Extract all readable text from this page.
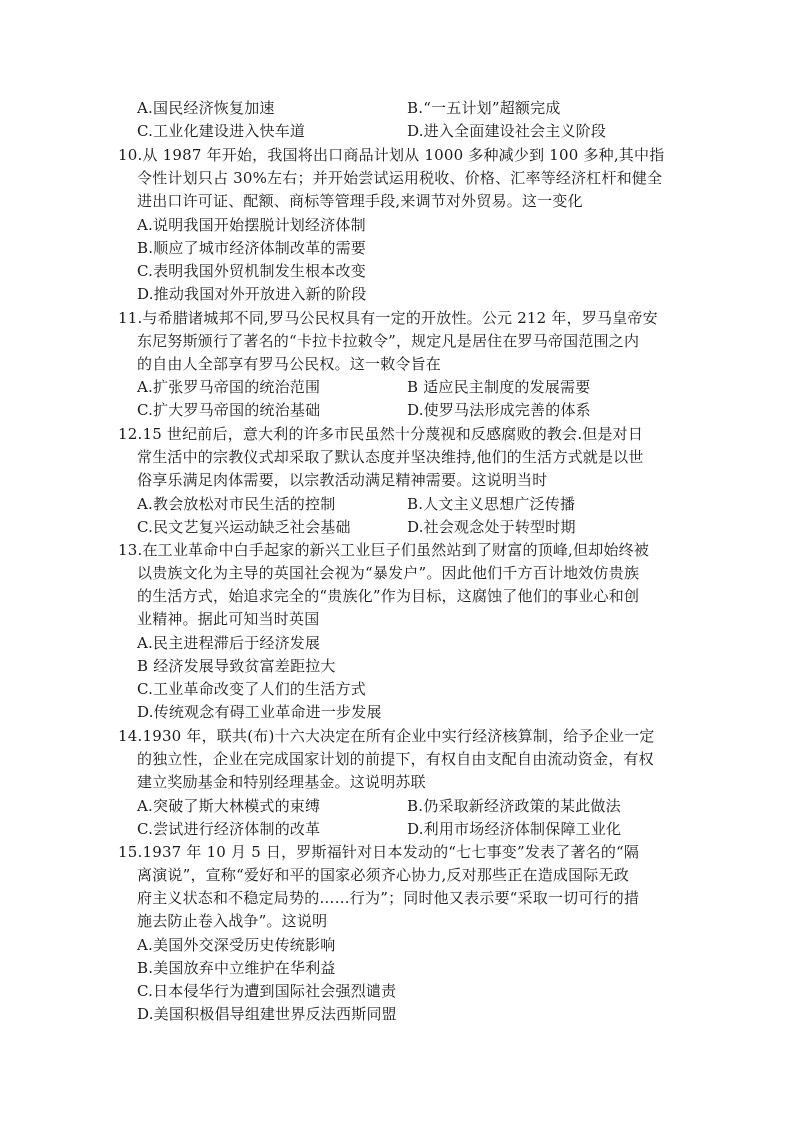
A.国民经济恢复加速	B.“一五计划”超额完成
C.工业化建设进入快车道	D.进入全面建设社会主义阶段
10.从 1987 年开始，我国将出口商品计划从 1000 多种减少到 100 多种,其中指
令性计划只占 30%左右；并开始尝试运用税收、价格、汇率等经济杠杆和健全
进出口许可证、配额、商标等管理手段,来调节对外贸易。这一变化
A.说明我国开始摆脱计划经济体制
B.顺应了城市经济体制改革的需要
C.表明我国外贸机制发生根本改变
D.推动我国对外开放进入新的阶段
11.与希腊诸城邦不同,罗马公民权具有一定的开放性。公元 212 年，罗马皇帝安
东尼努斯颁行了著名的“卡拉卡拉敕令”，规定凡是居住在罗马帝国范围之内
的自由人全部享有罗马公民权。这一敕令旨在
A.扩张罗马帝国的统治范围	B 适应民主制度的发展需要
C.扩大罗马帝国的统治基础	D.使罗马法形成完善的体系
12.15 世纪前后，意大利的许多市民虽然十分蔑视和反感腐败的教会.但是对日
常生活中的宗教仪式却采取了默认态度并坚决维持,他们的生活方式就是以世
俗享乐满足肉体需要，以宗教活动满足精神需要。这说明当时
A.教会放松对市民生活的控制	B.人文主义思想广泛传播
C.民文艺复兴运动缺乏社会基础	D.社会观念处于转型时期
13.在工业革命中白手起家的新兴工业巨子们虽然站到了财富的顶峰,但却始终被
以贵族文化为主导的英国社会视为“暴发户”。因此他们千方百计地效仿贵族
的生活方式，始追求完全的“贵族化”作为目标，这腐蚀了他们的事业心和创
业精神。据此可知当时英国
A.民主进程滞后于经济发展
B 经济发展导致贫富差距拉大
C.工业革命改变了人们的生活方式
D.传统观念有碍工业革命进一步发展
14.1930 年，联共(布)十六大决定在所有企业中实行经济核算制，给予企业一定
的独立性，企业在完成国家计划的前提下，有权自由支配自由流动资金，有权
建立奖励基金和特别经理基金。这说明苏联
A.突破了斯大林模式的束缚	B.仍采取新经济政策的某此做法
C.尝试进行经济体制的改革	D.利用市场经济体制保障工业化
15.1937 年 10 月 5 日，罗斯福针对日本发动的“七七事变”发表了著名的“隔
离演说”，宣称“爱好和平的国家必须齐心协力,反对那些正在造成国际无政
府主义状态和不稳定局势的……行为”；同时他又表示要“采取一切可行的措
施去防止卷入战争”。这说明
A.美国外交深受历史传统影响
B.美国放弃中立维护在华利益
C.日本侵华行为遭到国际社会强烈谴责
D.美国积极倡导组建世界反法西斯同盟
